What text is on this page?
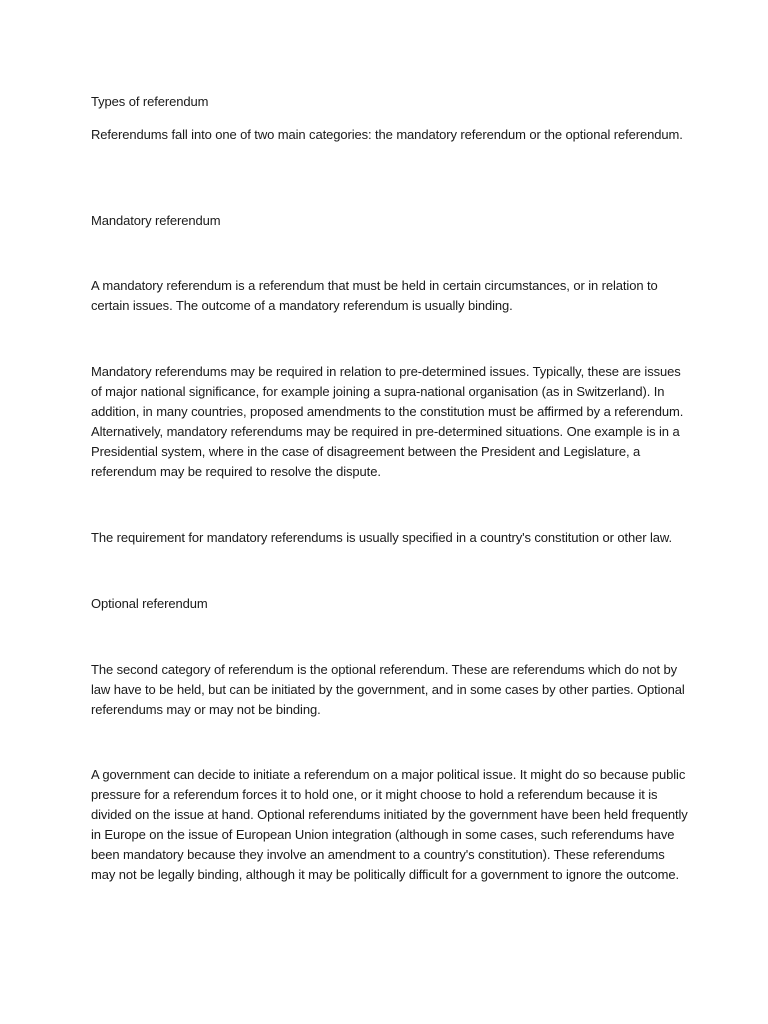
Types of referendum

Referendums fall into one of two main categories: the mandatory referendum or the optional referendum.

Mandatory referendum

A mandatory referendum is a referendum that must be held in certain circumstances, or in relation to certain issues. The outcome of a mandatory referendum is usually binding.

Mandatory referendums may be required in relation to pre-determined issues. Typically, these are issues of major national significance, for example joining a supra-national organisation (as in Switzerland). In addition, in many countries, proposed amendments to the constitution must be affirmed by a referendum. Alternatively, mandatory referendums may be required in pre-determined situations. One example is in a Presidential system, where in the case of disagreement between the President and Legislature, a referendum may be required to resolve the dispute.

The requirement for mandatory referendums is usually specified in a country's constitution or other law.

Optional referendum

The second category of referendum is the optional referendum. These are referendums which do not by law have to be held, but can be initiated by the government, and in some cases by other parties. Optional referendums may or may not be binding.

A government can decide to initiate a referendum on a major political issue. It might do so because public pressure for a referendum forces it to hold one, or it might choose to hold a referendum because it is divided on the issue at hand. Optional referendums initiated by the government have been held frequently in Europe on the issue of European Union integration (although in some cases, such referendums have been mandatory because they involve an amendment to a country's constitution). These referendums may not be legally binding, although it may be politically difficult for a government to ignore the outcome.
